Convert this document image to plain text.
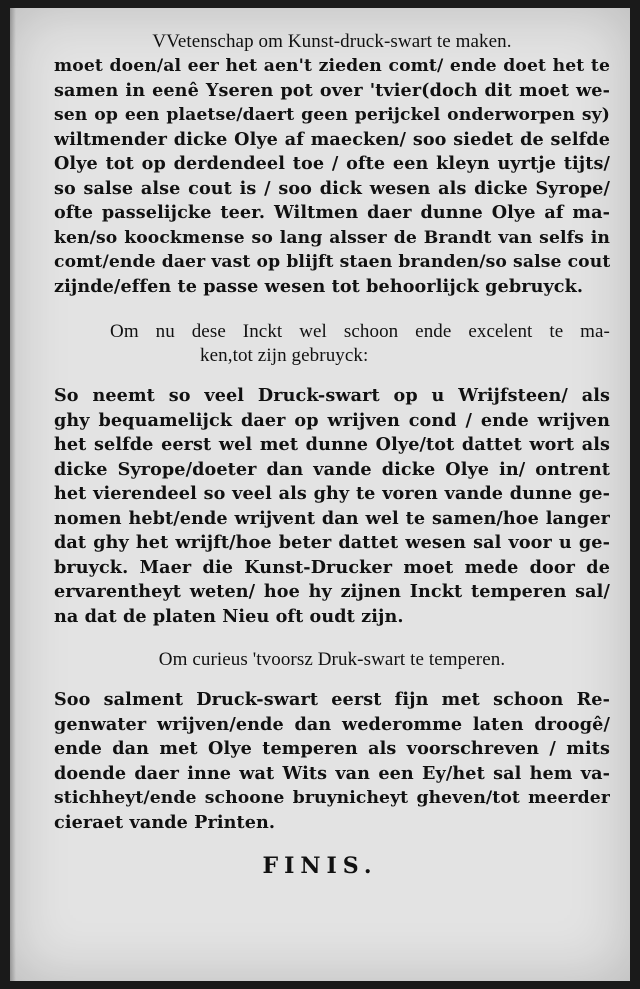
VVetenschap om Kunst-druck-swart te maken.
moet doen/al eer het aen't zieden comt/ ende doet het te
samen in eenê Yseren pot over 'tvier(doch dit moet we-
sen op een plaetse/daert geen perijckel onderworpen sy)
wiltmender dicke Olye af maecken/ soo siedet de selfde
Olye tot op derdendeel toe / ofte een kleyn uyrtje tijts/
so salse alse cout is / soo dick wesen als dicke Syrope/
ofte passelijcke teer. Wiltmen daer dunne Olye af ma-
ken/so koockmense so lang alsser de Brandt van selfs in
comt/ende daer vast op blijft staen branden/so salse cout
zijnde/effen te passe wesen tot behoorlijck gebruyck.
Om nu dese Inckt wel schoon ende excelent te ma-
ken,tot zijn gebruyck:
So neemt so veel Druck-swart op u Wrijfsteen/ als
ghy bequamelijck daer op wrijven cond / ende wrijven
het selfde eerst wel met dunne Olye/tot dattet wort als
dicke Syrope/doeter dan vande dicke Olye in/ ontrent
het vierendeel so veel als ghy te voren vande dunne ge-
nomen hebt/ende wrijvent dan wel te samen/hoe langer
dat ghy het wrijft/hoe beter dattet wesen sal voor u ge-
bruyck. Maer die Kunst-Drucker moet mede door de
ervarentheyt weten/ hoe hy zijnen Inckt temperen sal/
na dat de platen Nieu oft oudt zijn.
Om curieus 'tvoorsz Druk-swart te temperen.
Soo salment Druck-swart eerst fijn met schoon Re-
genwater wrijven/ende dan wederomme laten droogê/
ende dan met Olye temperen als voorschreven / mits
doende daer inne wat Wits van een Ey/het sal hem va-
stichheyt/ende schoone bruynicheyt gheven/tot meerder
cieraet vande Printen.
FINIS.
